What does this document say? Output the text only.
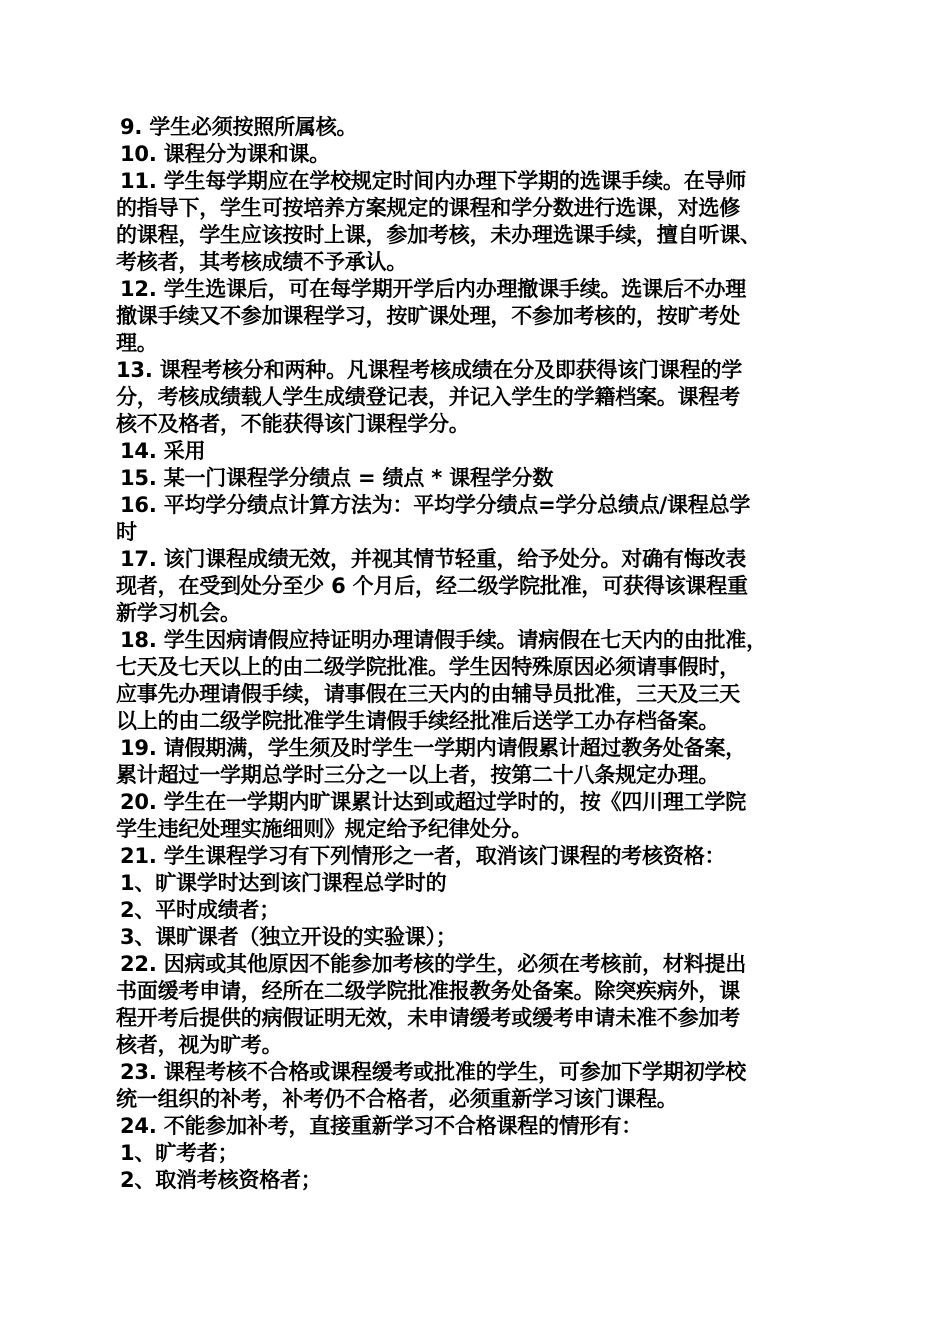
9. 学生必须按照所属核。

10. 课程分为课和课。

11. 学生每学期应在学校规定时间内办理下学期的选课手续。在导师
的指导下，学生可按培养方案规定的课程和学分数进行选课，对选修
的课程，学生应该按时上课，参加考核，未办理选课手续，擅自听课、
考核者，其考核成绩不予承认。

12. 学生选课后，可在每学期开学后内办理撤课手续。选课后不办理
撤课手续又不参加课程学习，按旷课处理，不参加考核的，按旷考处
理。

13. 课程考核分和两种。凡课程考核成绩在分及即获得该门课程的学
分，考核成绩载人学生成绩登记表，并记入学生的学籍档案。课程考
核不及格者，不能获得该门课程学分。

14. 采用

15. 某一门课程学分绩点 = 绩点 * 课程学分数

16. 平均学分绩点计算方法为：平均学分绩点=学分总绩点/课程总学
时

17. 该门课程成绩无效，并视其情节轻重，给予处分。对确有悔改表
现者，在受到处分至少 6 个月后，经二级学院批准，可获得该课程重
新学习机会。

18. 学生因病请假应持证明办理请假手续。请病假在七天内的由批准，
七天及七天以上的由二级学院批准。学生因特殊原因必须请事假时，
应事先办理请假手续，请事假在三天内的由辅导员批准，三天及三天
以上的由二级学院批准学生请假手续经批准后送学工办存档备案。

19. 请假期满，学生须及时学生一学期内请假累计超过教务处备案，
累计超过一学期总学时三分之一以上者，按第二十八条规定办理。

20. 学生在一学期内旷课累计达到或超过学时的，按《四川理工学院
学生违纪处理实施细则》规定给予纪律处分。

21. 学生课程学习有下列情形之一者，取消该门课程的考核资格：

1、旷课学时达到该门课程总学时的

2、平时成绩者；

3、课旷课者（独立开设的实验课）；

22. 因病或其他原因不能参加考核的学生，必须在考核前，材料提出
书面缓考申请，经所在二级学院批准报教务处备案。除突疾病外，课
程开考后提供的病假证明无效，未申请缓考或缓考申请未准不参加考
核者，视为旷考。

23. 课程考核不合格或课程缓考或批准的学生，可参加下学期初学校
统一组织的补考，补考仍不合格者，必须重新学习该门课程。

24. 不能参加补考，直接重新学习不合格课程的情形有：

1、旷考者；

2、取消考核资格者；
